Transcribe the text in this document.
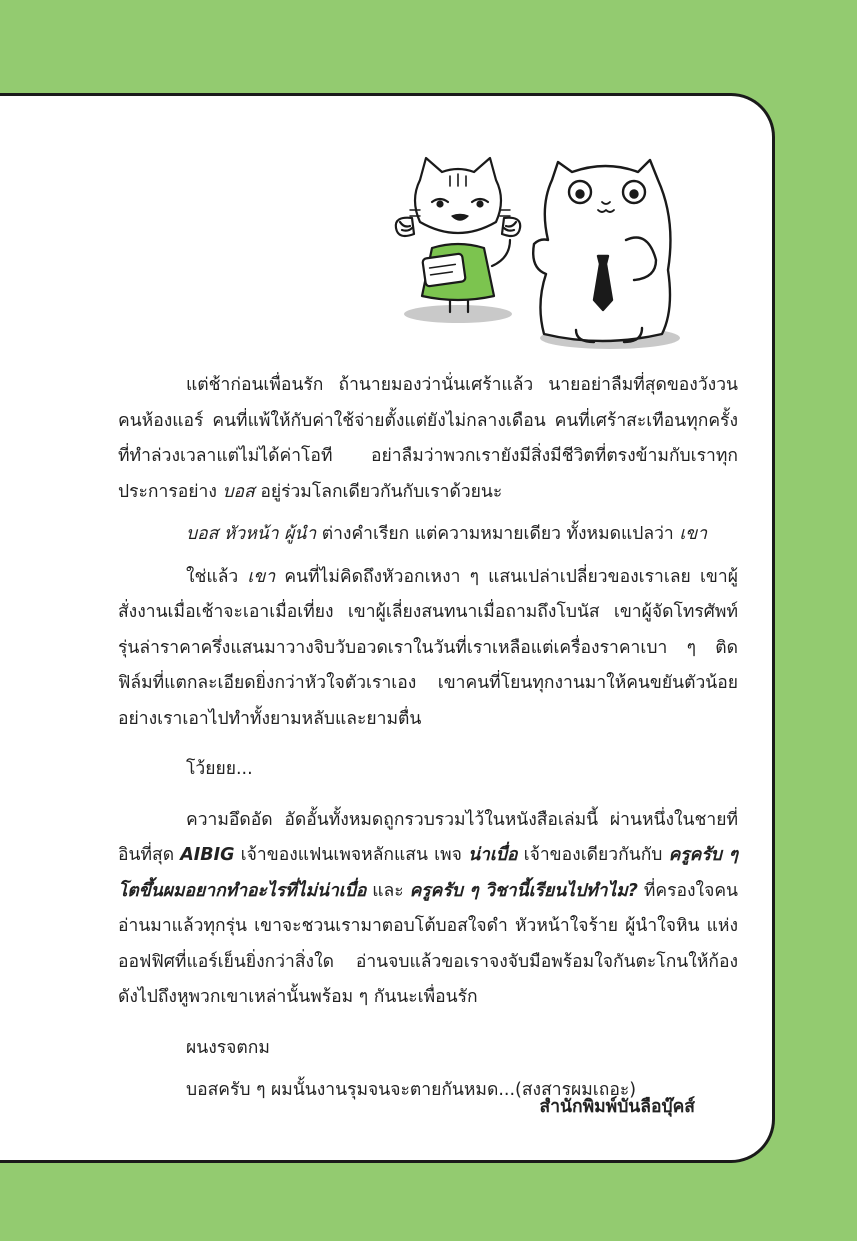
แต่ช้าก่อนเพื่อนรัก ถ้านายมองว่านั่นเศร้าแล้ว นายอย่าลืมที่สุดของวังวนคนห้องแอร์ คนที่แพ้ให้กับค่าใช้จ่ายตั้งแต่ยังไม่กลางเดือน คนที่เศร้าสะเทือนทุกครั้งที่ทำล่วงเวลาแต่ไม่ได้ค่าโอที อย่าลืมว่าพวกเรายังมีสิ่งมีชีวิตที่ตรงข้ามกับเราทุกประการอย่าง บอส อยู่ร่วมโลกเดียวกันกับเราด้วยนะ

บอส หัวหน้า ผู้นำ ต่างคำเรียก แต่ความหมายเดียว ทั้งหมดแปลว่า เขา

ใช่แล้ว เขา คนที่ไม่คิดถึงหัวอกเหงา ๆ แสนเปล่าเปลี่ยวของเราเลย เขาผู้สั่งงานเมื่อเช้าจะเอาเมื่อเที่ยง เขาผู้เลี่ยงสนทนาเมื่อถามถึงโบนัส เขาผู้จัดโทรศัพท์รุ่นล่าราคาครึ่งแสนมาวางจิบวับอวดเราในวันที่เราเหลือแต่เครื่องราคาเบา ๆ ติดฟิล์มที่แตกละเอียดยิ่งกว่าหัวใจตัวเราเอง เขาคนที่โยนทุกงานมาให้คนขยันตัวน้อยอย่างเราเอาไปทำทั้งยามหลับและยามตื่น

โว้ยยย...

ความอึดอัด อัดอั้นทั้งหมดถูกรวบรวมไว้ในหนังสือเล่มนี้ ผ่านหนึ่งในชายที่อินที่สุด AIBIG เจ้าของแฟนเพจหลักแสน เพจ น่าเบื่อ เจ้าของเดียวกันกับ ครูครับ ๆ โตขึ้นผมอยากทำอะไรที่ไม่น่าเบื่อ และ ครูครับ ๆ วิชานี้เรียนไปทำไม? ที่ครองใจคนอ่านมาแล้วทุกรุ่น เขาจะชวนเรามาตอบโต้บอสใจดำ หัวหน้าใจร้าย ผู้นำใจหิน แห่งออฟฟิศที่แอร์เย็นยิ่งกว่าสิ่งใด อ่านจบแล้วขอเราจงจับมือพร้อมใจกันตะโกนให้ก้องดังไปถึงหูพวกเขาเหล่านั้นพร้อม ๆ กันนะเพื่อนรัก

ผนงรจตกม

บอสครับ ๆ ผมนั้นงานรุมจนจะตายกันหมด...(สงสารผมเถอะ)

สำนักพิมพ์บันลือบุ๊คส์
